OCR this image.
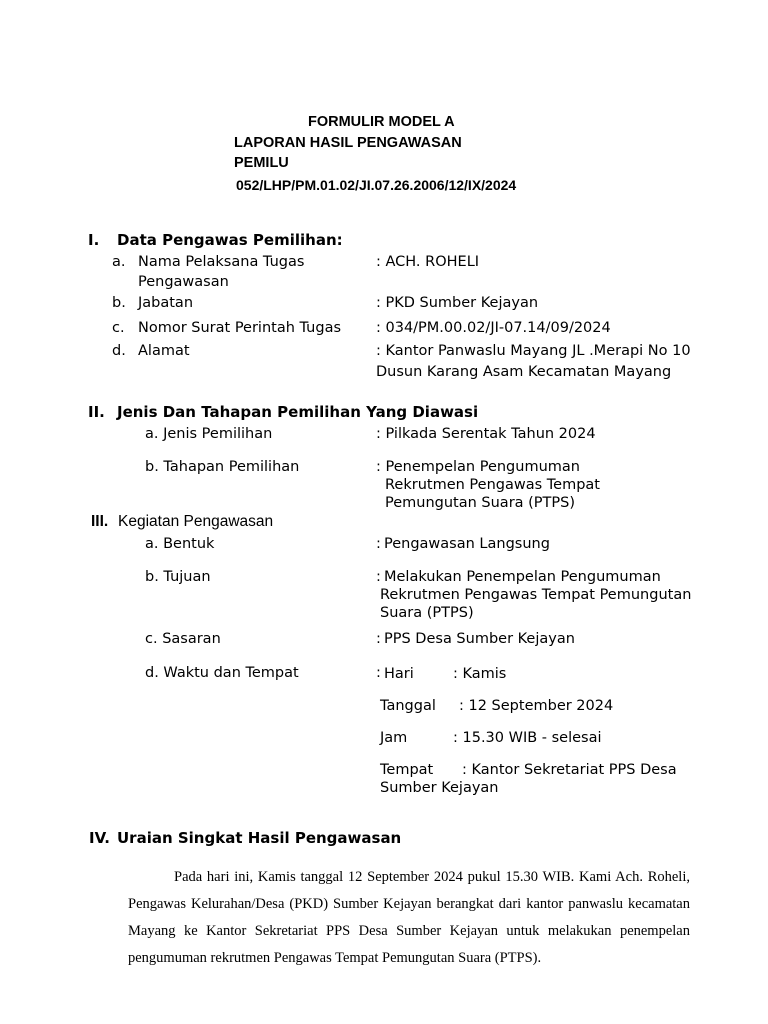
FORMULIR MODEL A
LAPORAN HASIL PENGAWASAN
PEMILU
052/LHP/PM.01.02/JI.07.26.2006/12/IX/2024
I. Data Pengawas Pemilihan:
a. Nama Pelaksana Tugas
Pengawasan
: ACH. ROHELI
b. Jabatan	: PKD Sumber Kejayan
c. Nomor Surat Perintah Tugas : 034/PM.00.02/JI-07.14/09/2024
d. Alamat	: Kantor Panwaslu Mayang JL .Merapi No 10
Dusun Karang Asam Kecamatan Mayang
II. Jenis Dan Tahapan Pemilihan Yang Diawasi
a. Jenis Pemilihan	: Pilkada Serentak Tahun 2024
b. Tahapan Pemilihan	: Penempelan Pengumuman
Rekrutmen Pengawas Tempat
Pemungutan Suara (PTPS)
III. Kegiatan Pengawasan
a. Bentuk	: Pengawasan Langsung
b. Tujuan	: Melakukan Penempelan Pengumuman
Rekrutmen Pengawas Tempat Pemungutan
Suara (PTPS)
c. Sasaran	: PPS Desa Sumber Kejayan
d. Waktu dan Tempat	: Hari	: Kamis
Tanggal : 12 September 2024
Jam	: 15.30 WIB - selesai
Tempat : Kantor Sekretariat PPS Desa
Sumber Kejayan
IV. Uraian Singkat Hasil Pengawasan
Pada hari ini, Kamis tanggal 12 September 2024 pukul 15.30 WIB. Kami Ach. Roheli, Pengawas Kelurahan/Desa (PKD) Sumber Kejayan berangkat dari kantor panwaslu kecamatan Mayang ke Kantor Sekretariat PPS Desa Sumber Kejayan untuk melakukan penempelan pengumuman rekrutmen Pengawas Tempat Pemungutan Suara (PTPS).
